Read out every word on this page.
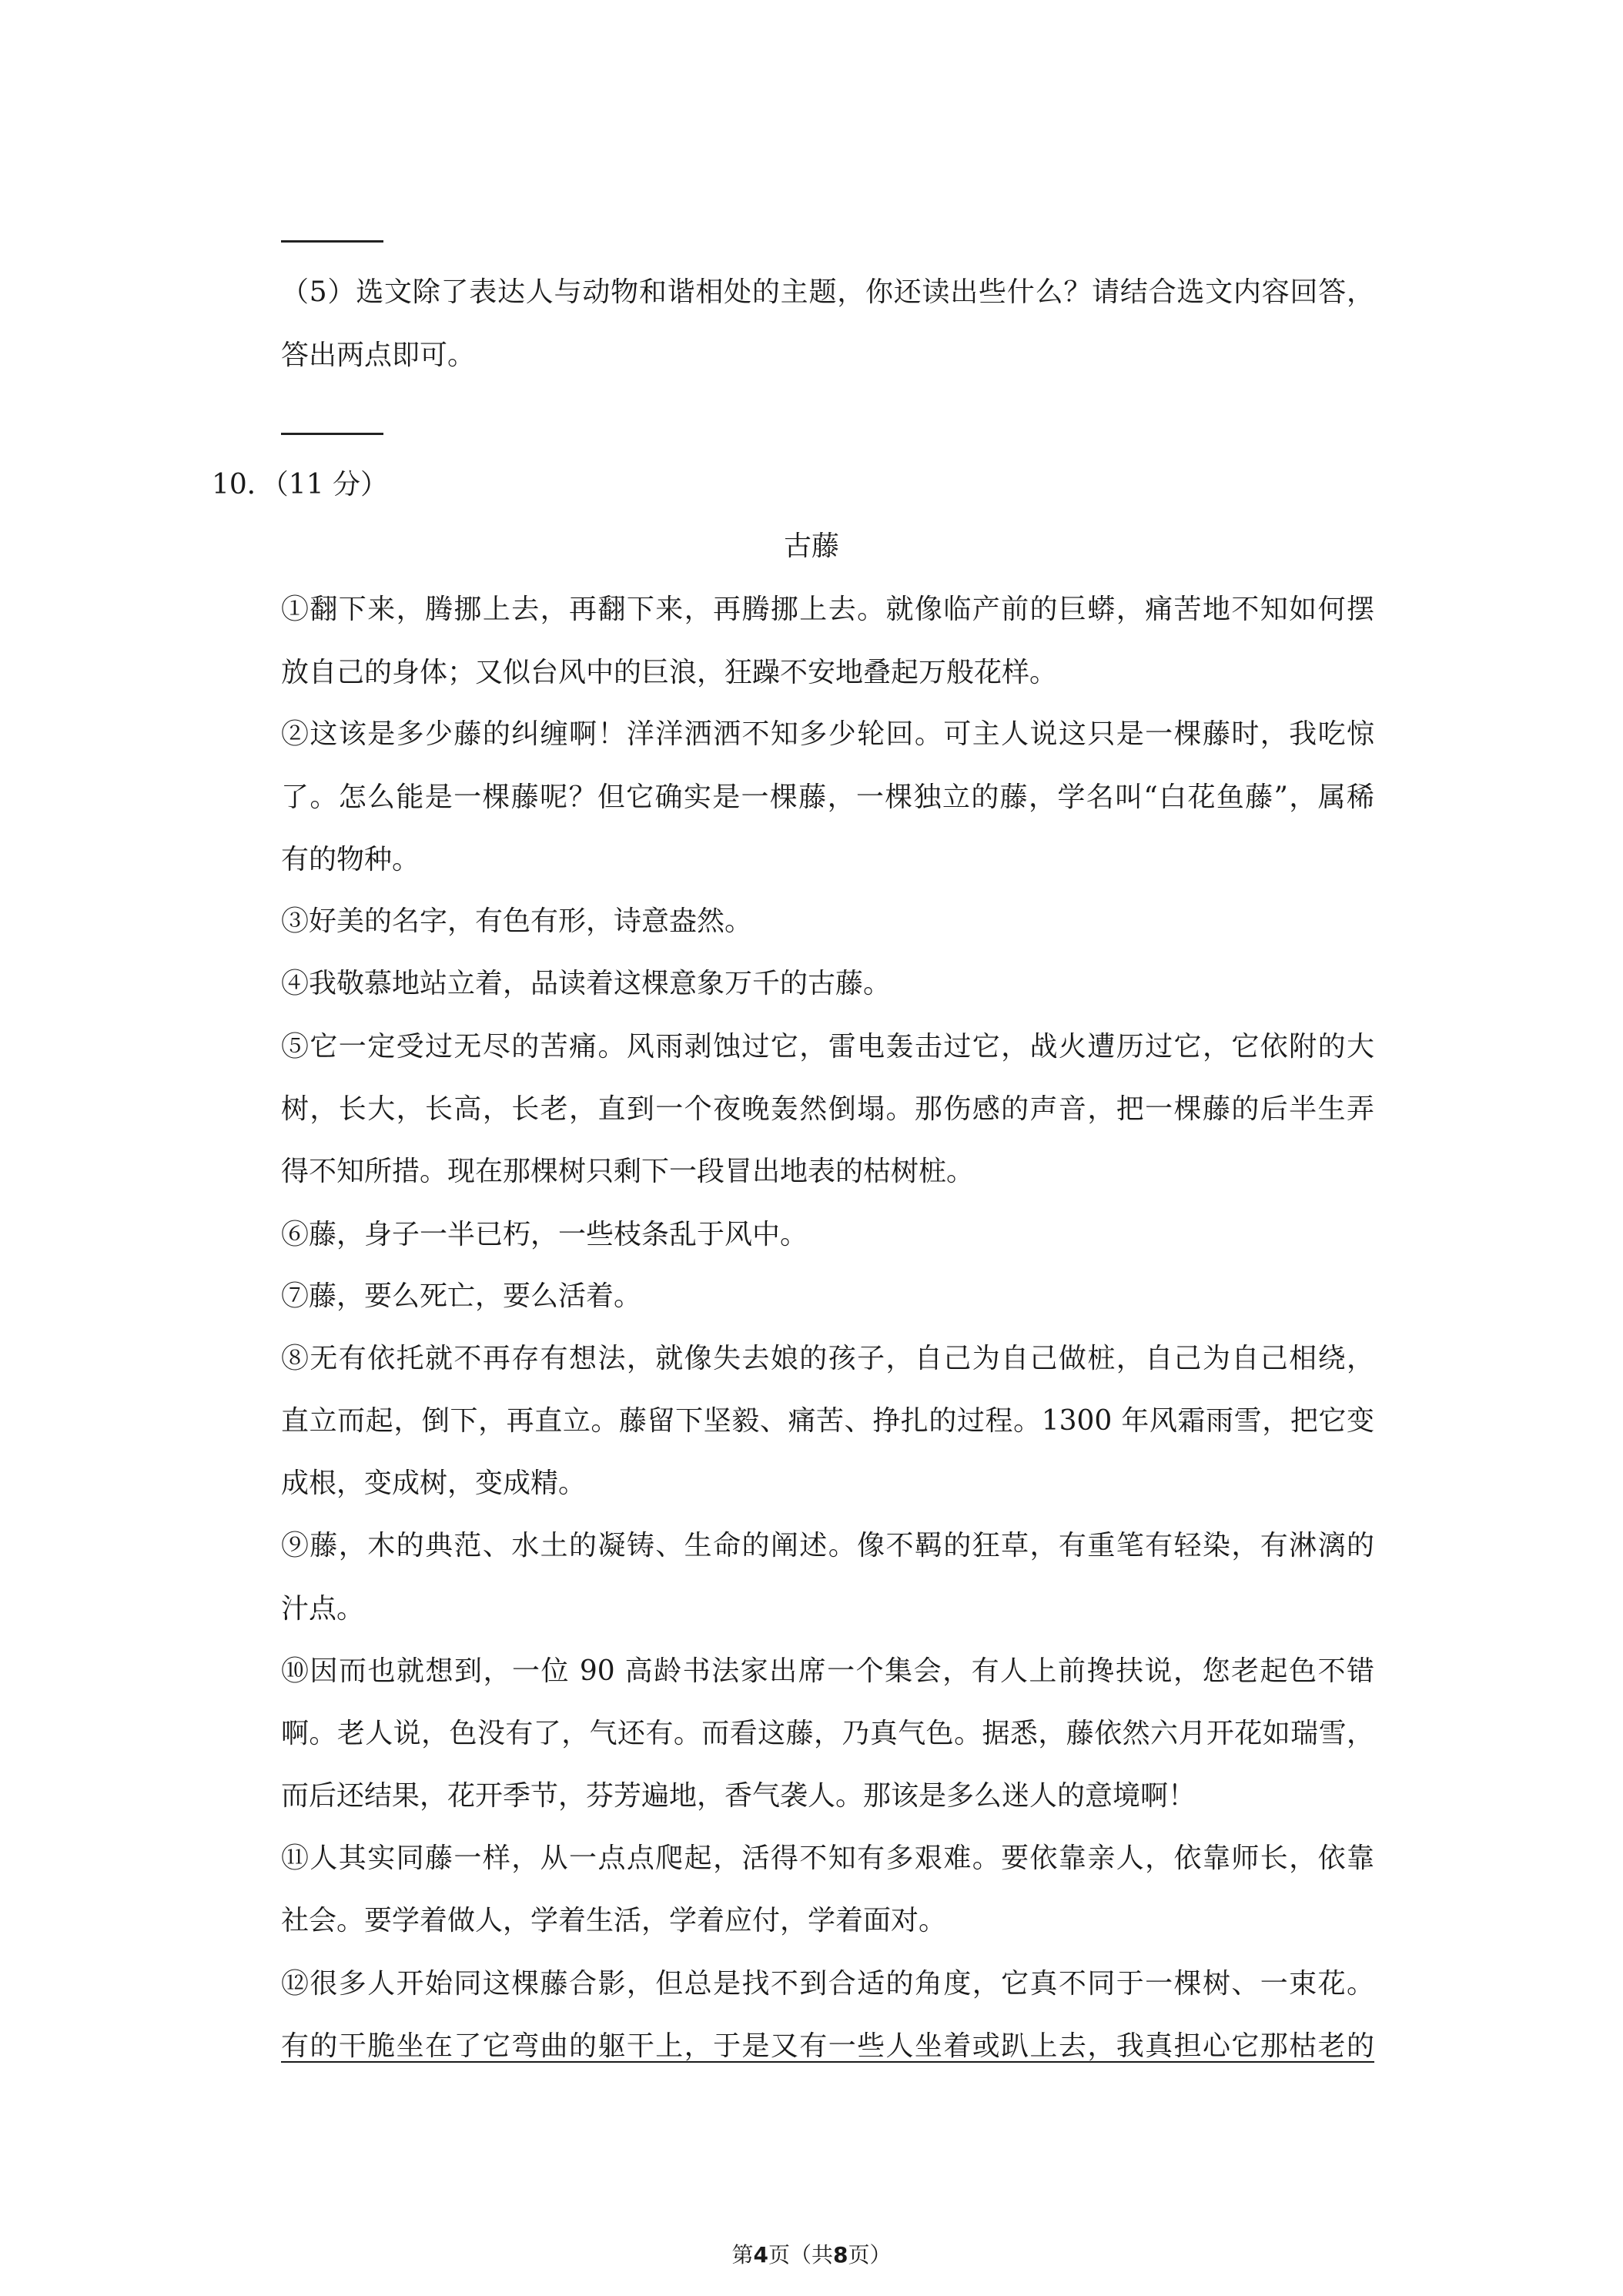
（5）选文除了表达人与动物和谐相处的主题，你还读出些什么？请结合选文内容回答，
答出两点即可。
10．（11 分）
古藤
①翻下来，腾挪上去，再翻下来，再腾挪上去。就像临产前的巨蟒，痛苦地不知如何摆
放自己的身体；又似台风中的巨浪，狂躁不安地叠起万般花样。
②这该是多少藤的纠缠啊！洋洋洒洒不知多少轮回。可主人说这只是一棵藤时，我吃惊
了。怎么能是一棵藤呢？但它确实是一棵藤，一棵独立的藤，学名叫“白花鱼藤”，属稀
有的物种。
③好美的名字，有色有形，诗意盎然。
④我敬慕地站立着，品读着这棵意象万千的古藤。
⑤它一定受过无尽的苦痛。风雨剥蚀过它，雷电轰击过它，战火遭历过它，它依附的大
树，长大，长高，长老，直到一个夜晚轰然倒塌。那伤感的声音，把一棵藤的后半生弄
得不知所措。现在那棵树只剩下一段冒出地表的枯树桩。
⑥藤，身子一半已朽，一些枝条乱于风中。
⑦藤，要么死亡，要么活着。
⑧无有依托就不再存有想法，就像失去娘的孩子，自己为自己做桩，自己为自己相绕，
直立而起，倒下，再直立。藤留下坚毅、痛苦、挣扎的过程。1300 年风霜雨雪，把它变
成根，变成树，变成精。
⑨藤，木的典范、水土的凝铸、生命的阐述。像不羁的狂草，有重笔有轻染，有淋漓的
汁点。
⑩因而也就想到，一位 90 高龄书法家出席一个集会，有人上前搀扶说，您老起色不错
啊。老人说，色没有了，气还有。而看这藤，乃真气色。据悉，藤依然六月开花如瑞雪，
而后还结果，花开季节，芬芳遍地，香气袭人。那该是多么迷人的意境啊！
⑪人其实同藤一样，从一点点爬起，活得不知有多艰难。要依靠亲人，依靠师长，依靠
社会。要学着做人，学着生活，学着应付，学着面对。
⑫很多人开始同这棵藤合影，但总是找不到合适的角度，它真不同于一棵树、一束花。
有的干脆坐在了它弯曲的躯干上，于是又有一些人坐着或趴上去，我真担心它那枯老的
第4页（共8页）
